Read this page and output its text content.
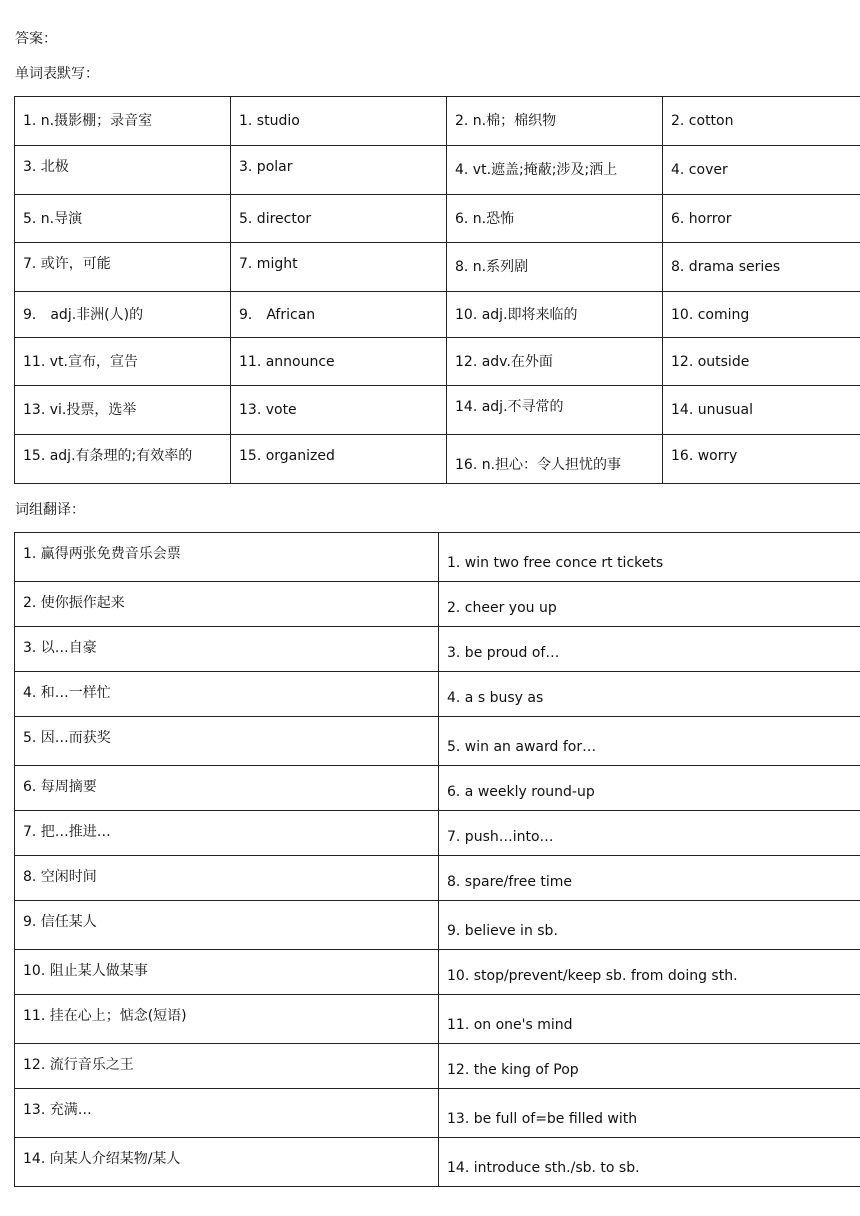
答案：

单词表默写：

1. n.摄影棚；录音室	1. studio	2. n.棉；棉织物	2. cotton
3. 北极	3. polar	4. vt.遮盖;掩蔽;涉及;洒上	4. cover
5. n.导演	5. director	6. n.恐怖	6. horror
7. 或许，可能	7. might	8. n.系列剧	8. drama series
9． adj.非洲(人)的	9． African	10. adj.即将来临的	10. coming
11. vt.宣布，宣告	11. announce	12. adv.在外面	12. outside
13. vi.投票，选举	13. vote	14. adj.不寻常的	14. unusual
15. adj.有条理的;有效率的	15. organized	16. n.担心：令人担忧的事	16. worry

词组翻译：

1. 赢得两张免费音乐会票	1. win two free conce rt tickets
2. 使你振作起来	2. cheer you up
3. 以…自豪	3. be proud of…
4. 和…一样忙	4. a s busy as
5. 因…而获奖	5. win an award for…
6. 每周摘要	6. a weekly round-up
7. 把…推进…	7. push…into…
8. 空闲时间	8. spare/free time
9. 信任某人	9. believe in sb.
10. 阻止某人做某事	10. stop/prevent/keep sb. from doing sth.
11. 挂在心上；惦念(短语)	11. on one's mind
12. 流行音乐之王	12. the king of Pop
13. 充满…	13. be full of=be filled with
14. 向某人介绍某物/某人	14. introduce sth./sb. to sb.
